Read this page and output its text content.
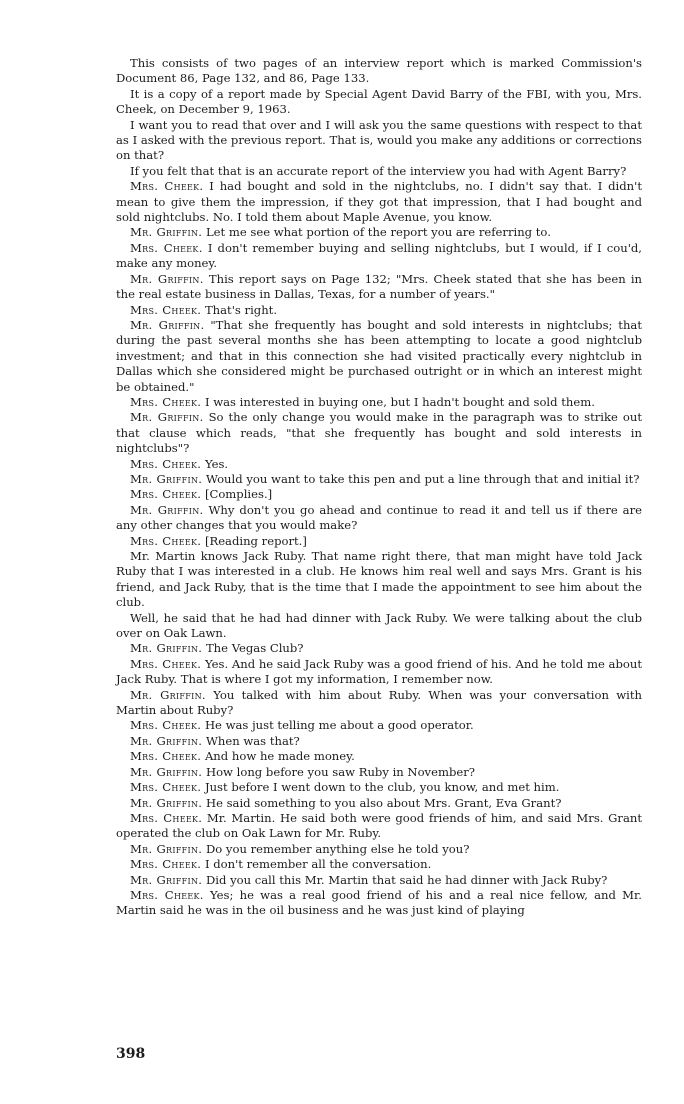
This consists of two pages of an interview report which is marked Commission's Document 86, Page 132, and 86, Page 133.

It is a copy of a report made by Special Agent David Barry of the FBI, with you, Mrs. Cheek, on December 9, 1963.

I want you to read that over and I will ask you the same questions with respect to that as I asked with the previous report. That is, would you make any additions or corrections on that?

If you felt that that is an accurate report of the interview you had with Agent Barry?

Mrs. Cheek. I had bought and sold in the nightclubs, no. I didn't say that. I didn't mean to give them the impression, if they got that impression, that I had bought and sold nightclubs. No. I told them about Maple Avenue, you know.

Mr. Griffin. Let me see what portion of the report you are referring to.

Mrs. Cheek. I don't remember buying and selling nightclubs, but I would, if I cou'd, make any money.

Mr. Griffin. This report says on Page 132; "Mrs. Cheek stated that she has been in the real estate business in Dallas, Texas, for a number of years."

Mrs. Cheek. That's right.

Mr. Griffin. "That she frequently has bought and sold interests in nightclubs; that during the past several months she has been attempting to locate a good nightclub investment; and that in this connection she had visited practically every nightclub in Dallas which she considered might be purchased outright or in which an interest might be obtained."

Mrs. Cheek. I was interested in buying one, but I hadn't bought and sold them.

Mr. Griffin. So the only change you would make in the paragraph was to strike out that clause which reads, "that she frequently has bought and sold interests in nightclubs"?

Mrs. Cheek. Yes.

Mr. Griffin. Would you want to take this pen and put a line through that and initial it?

Mrs. Cheek. [Complies.]

Mr. Griffin. Why don't you go ahead and continue to read it and tell us if there are any other changes that you would make?

Mrs. Cheek. [Reading report.]

Mr. Martin knows Jack Ruby. That name right there, that man might have told Jack Ruby that I was interested in a club. He knows him real well and says Mrs. Grant is his friend, and Jack Ruby, that is the time that I made the appointment to see him about the club.

Well, he said that he had had dinner with Jack Ruby. We were talking about the club over on Oak Lawn.

Mr. Griffin. The Vegas Club?

Mrs. Cheek. Yes. And he said Jack Ruby was a good friend of his. And he told me about Jack Ruby. That is where I got my information, I remember now.

Mr. Griffin. You talked with him about Ruby. When was your conversation with Martin about Ruby?

Mrs. Cheek. He was just telling me about a good operator.

Mr. Griffin. When was that?

Mrs. Cheek. And how he made money.

Mr. Griffin. How long before you saw Ruby in November?

Mrs. Cheek. Just before I went down to the club, you know, and met him.

Mr. Griffin. He said something to you also about Mrs. Grant, Eva Grant?

Mrs. Cheek. Mr. Martin. He said both were good friends of him, and said Mrs. Grant operated the club on Oak Lawn for Mr. Ruby.

Mr. Griffin. Do you remember anything else he told you?

Mrs. Cheek. I don't remember all the conversation.

Mr. Griffin. Did you call this Mr. Martin that said he had dinner with Jack Ruby?

Mrs. Cheek. Yes; he was a real good friend of his and a real nice fellow, and Mr. Martin said he was in the oil business and he was just kind of playing

398
